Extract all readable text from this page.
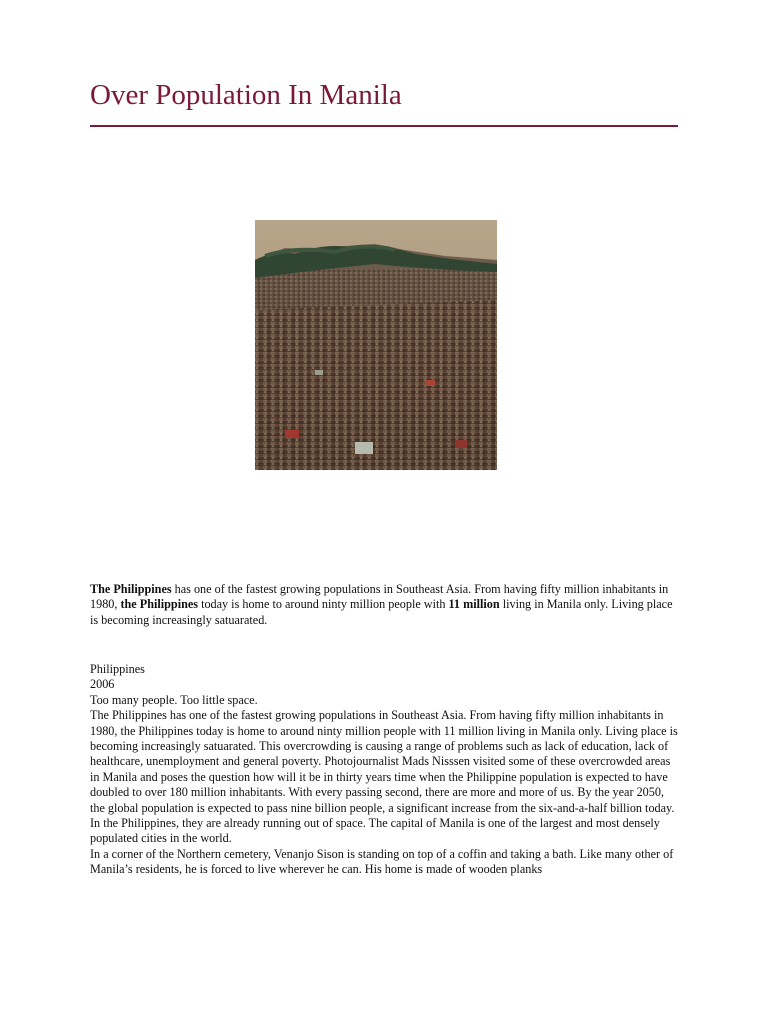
Over Population In Manila

The Philippines has one of the fastest growing populations in Southeast Asia. From having fifty million inhabitants in 1980, the Philippines today is home to around ninty million people with 11 million living in Manila only. Living place is becoming increasingly satuarated.

Philippines
2006
Too many people. Too little space.
The Philippines has one of the fastest growing populations in Southeast Asia. From having fifty million inhabitants in 1980, the Philippines today is home to around ninty million people with 11 million living in Manila only. Living place is becoming increasingly satuarated. This overcrowding is causing a range of problems such as lack of education, lack of healthcare, unemployment and general poverty. Photojournalist Mads Nisssen visited some of these overcrowded areas in Manila and poses the question how will it be in thirty years time when the Philippine population is expected to have doubled to over 180 million inhabitants. With every passing second, there are more and more of us. By the year 2050, the global population is expected to pass nine billion people, a significant increase from the six-and-a-half billion today. In the Philippines, they are already running out of space. The capital of Manila is one of the largest and most densely populated cities in the world.
In a corner of the Northern cemetery, Venanjo Sison is standing on top of a coffin and taking a bath. Like many other of Manila’s residents, he is forced to live wherever he can. His home is made of wooden planks
